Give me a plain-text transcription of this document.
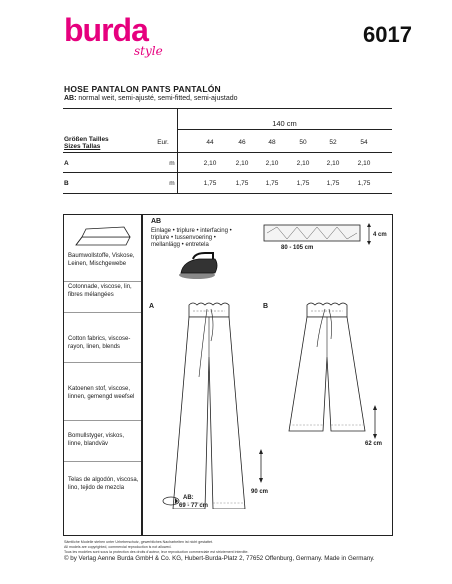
burda
style
6017
HOSE PANTALON PANTS PANTALÓN
AB: normal weit, semi-ajusté, semi-fitted, semi-ajustado
140 cm
Größen Tailles
Sizes Tallas
Eur.	44	46	48	50	52	54
A	m	2,10	2,10	2,10	2,10	2,10	2,10
B	m	1,75	1,75	1,75	1,75	1,75	1,75
Baumwollstoffe, Viskose, Leinen, Mischgewebe
Cotonnade, viscose, lin, fibres mélangées
Cotton fabrics, viscose-rayon, linen, blends
Katoenen stof, viscose, linnen, gemengd weefsel
Bomullstyger, viskos, linne, blandväv
Telas de algodón, viscosa, lino, tejido de mezcla
AB
Einlage • triplure • interfacing •
triplure • tussenvoering •
mellanlägg • entretela
4 cm
80 - 105 cm
A	B
62 cm
90 cm
AB:
69 - 77 cm
Sämtliche Modelle stehen unter Urheberschutz, gewerbliches Nacharbeiten ist nicht gestattet.
All models are copyrighted, commercial reproduction is not allowed.
Tous les modèles sont sous la protection des droits d'auteur, leur reproduction commerciale est strictement interdite.
© by Verlag Aenne Burda GmbH & Co. KG, Hubert-Burda-Platz 2, 77652 Offenburg, Germany. Made in Germany.
